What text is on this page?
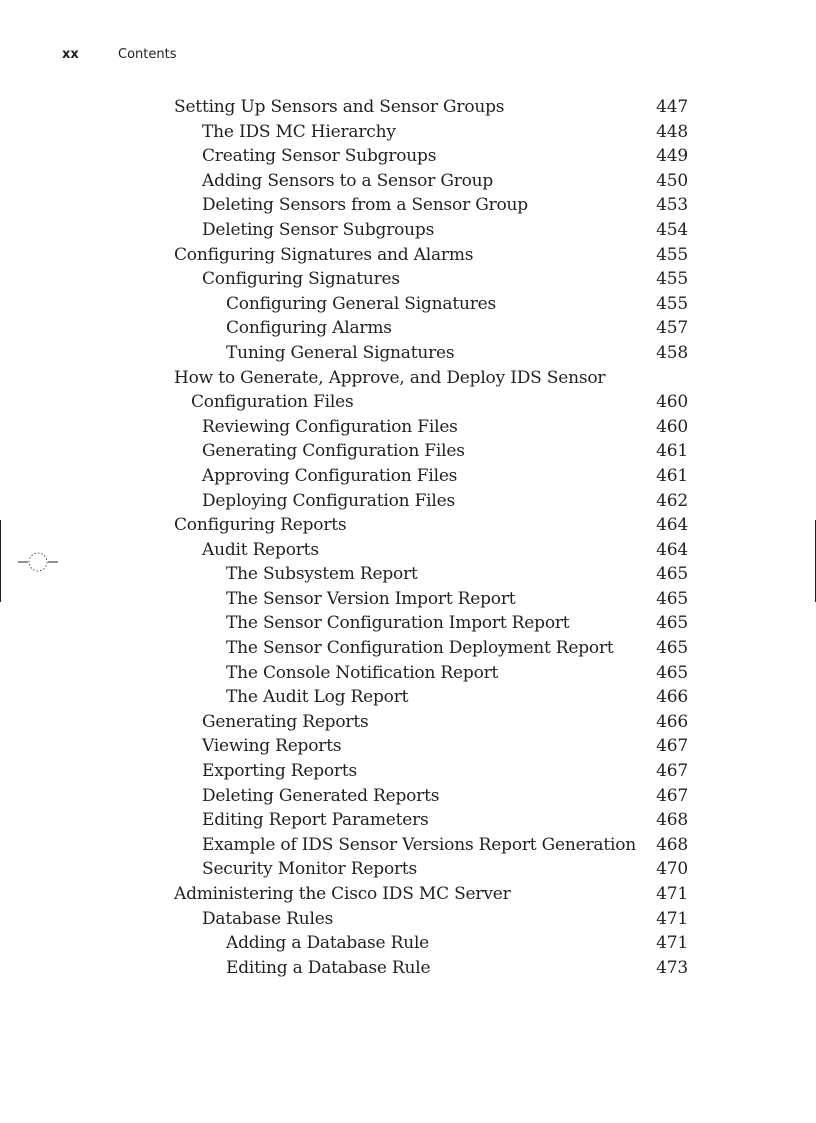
xx	Contents
Setting Up Sensors and Sensor Groups	447
The IDS MC Hierarchy	448
Creating Sensor Subgroups	449
Adding Sensors to a Sensor Group	450
Deleting Sensors from a Sensor Group	453
Deleting Sensor Subgroups	454
Configuring Signatures and Alarms	455
Configuring Signatures	455
Configuring General Signatures	455
Configuring Alarms	457
Tuning General Signatures	458
How to Generate, Approve, and Deploy IDS Sensor
Configuration Files	460
Reviewing Configuration Files	460
Generating Configuration Files	461
Approving Configuration Files	461
Deploying Configuration Files	462
Configuring Reports	464
Audit Reports	464
The Subsystem Report	465
The Sensor Version Import Report	465
The Sensor Configuration Import Report	465
The Sensor Configuration Deployment Report	465
The Console Notification Report	465
The Audit Log Report	466
Generating Reports	466
Viewing Reports	467
Exporting Reports	467
Deleting Generated Reports	467
Editing Report Parameters	468
Example of IDS Sensor Versions Report Generation 468
Security Monitor Reports	470
Administering the Cisco IDS MC Server	471
Database Rules	471
Adding a Database Rule	471
Editing a Database Rule	473
